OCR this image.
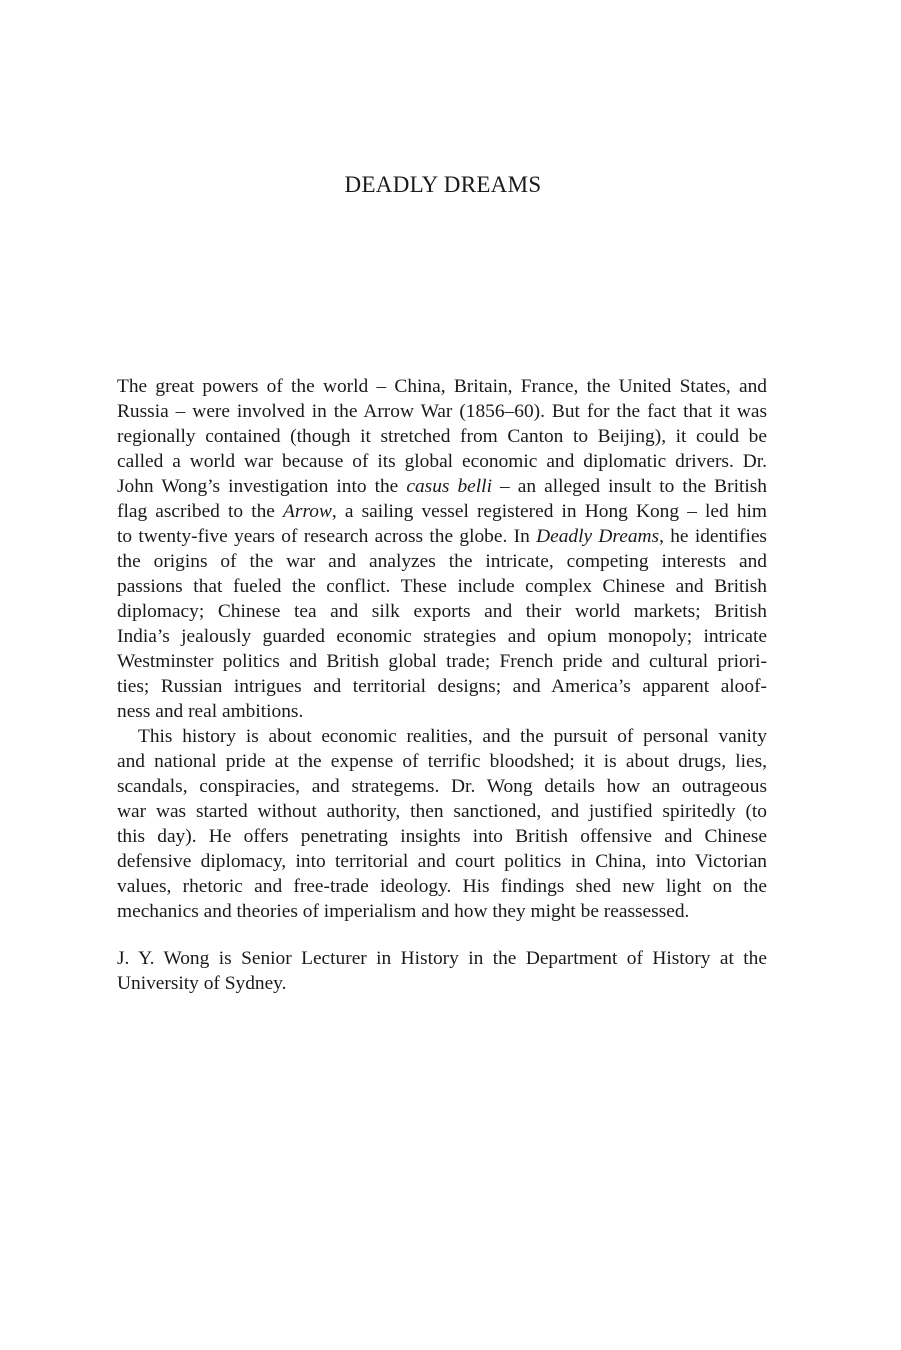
DEADLY DREAMS
The great powers of the world – China, Britain, France, the United States, and
Russia – were involved in the Arrow War (1856–60). But for the fact that it was
regionally contained (though it stretched from Canton to Beijing), it could be
called a world war because of its global economic and diplomatic drivers. Dr.
John Wong’s investigation into the casus belli – an alleged insult to the British
flag ascribed to the Arrow, a sailing vessel registered in Hong Kong – led him
to twenty-five years of research across the globe. In Deadly Dreams, he identifies
the origins of the war and analyzes the intricate, competing interests and
passions that fueled the conflict. These include complex Chinese and British
diplomacy; Chinese tea and silk exports and their world markets; British
India’s jealously guarded economic strategies and opium monopoly; intricate
Westminster politics and British global trade; French pride and cultural priori-
ties; Russian intrigues and territorial designs; and America’s apparent aloof-
ness and real ambitions.
This history is about economic realities, and the pursuit of personal vanity
and national pride at the expense of terrific bloodshed; it is about drugs, lies,
scandals, conspiracies, and strategems. Dr. Wong details how an outrageous
war was started without authority, then sanctioned, and justified spiritedly (to
this day). He offers penetrating insights into British offensive and Chinese
defensive diplomacy, into territorial and court politics in China, into Victorian
values, rhetoric and free-trade ideology. His findings shed new light on the
mechanics and theories of imperialism and how they might be reassessed.
J. Y. Wong is Senior Lecturer in History in the Department of History at the
University of Sydney.
